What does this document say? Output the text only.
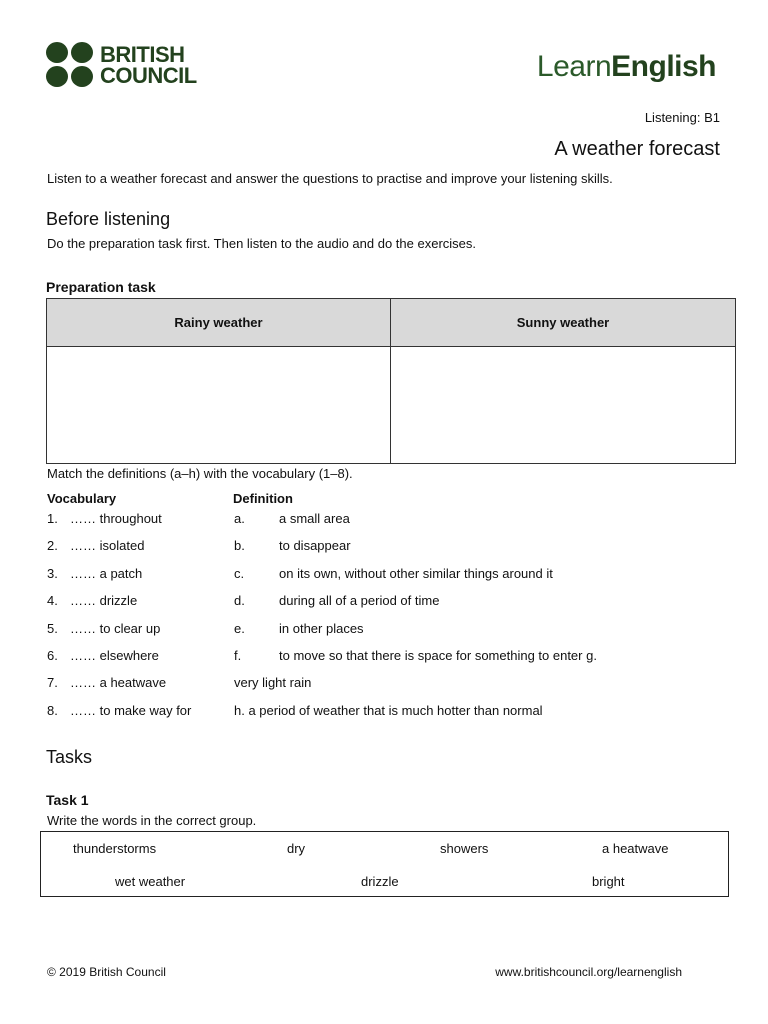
BRITISH
COUNCIL	LearnEnglish
Listening: B1
A weather forecast
Listen to a weather forecast and answer the questions to practise and improve your listening skills.
Before listening
Do the preparation task first. Then listen to the audio and do the exercises.
Preparation task
Rainy weather	Sunny weather
Match the definitions (a–h) with the vocabulary (1–8).
Vocabulary	Definition
1. …… throughout	a.	a small area
2. …… isolated	b.	to disappear
3. …… a patch	c.	on its own, without other similar things around it
4. …… drizzle	d.	during all of a period of time
5. …… to clear up	e.	in other places
6. …… elsewhere	f.	to move so that there is space for something to enter g.
7. …… a heatwave	very light rain
8. …… to make way for	h. a period of weather that is much hotter than normal
Tasks
Task 1
Write the words in the correct group.
thunderstorms	dry	showers	a heatwave
wet weather	drizzle	bright
© 2019 British Council	www.britishcouncil.org/learnenglish
